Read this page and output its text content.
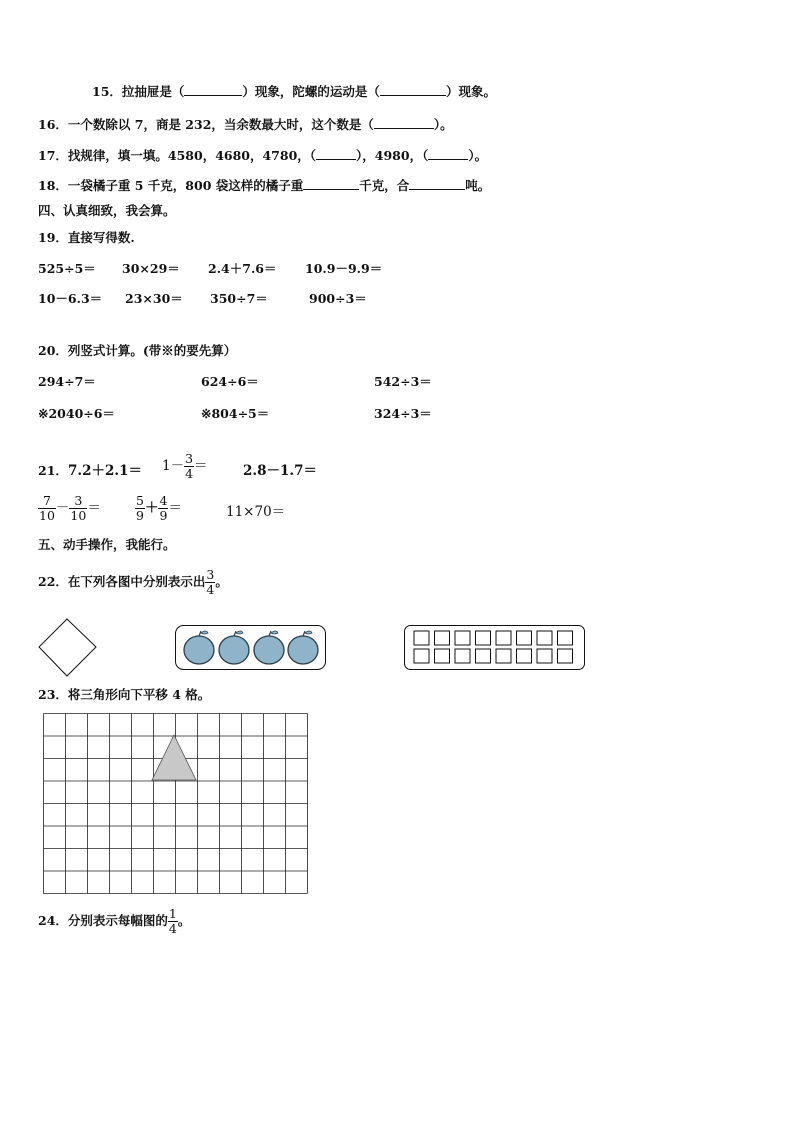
15．拉抽屉是（	）现象，陀螺的运动是（	）现象。
16．一个数除以 7，商是 232，当余数最大时，这个数是（	）。
17．找规律，填一填。4580，4680，4780，（	），4980，（	）。
18．一袋橘子重 5 千克，800 袋这样的橘子重	千克，合	吨。
四、认真细致，我会算。
19．直接写得数.
525÷5＝ 30×29＝ 2.4＋7.6＝ 10.9－9.9＝
10－6.3＝ 23×30＝ 350÷7＝	900÷3＝
20．列竖式计算。(带※的要先算）
294÷7＝	624÷6＝	542÷3＝
※2040÷6＝	※804÷5＝	324÷3＝
21． $7.2+2.1= 1- \frac{3}{4}$ ＝	2.8－1.7＝
$\frac{7}{10} - \frac{3}{10}$ ＝	$\frac{5}{9} + \frac{4}{9}$ ＝	11×70＝
五、动手操作，我能行。
22．在下列各图中分别表示出 $\frac{3}{4}$ 。
23．将三角形向下平移 4 格。
24．分别表示每幅图的 $\frac{1}{4}$ 。
